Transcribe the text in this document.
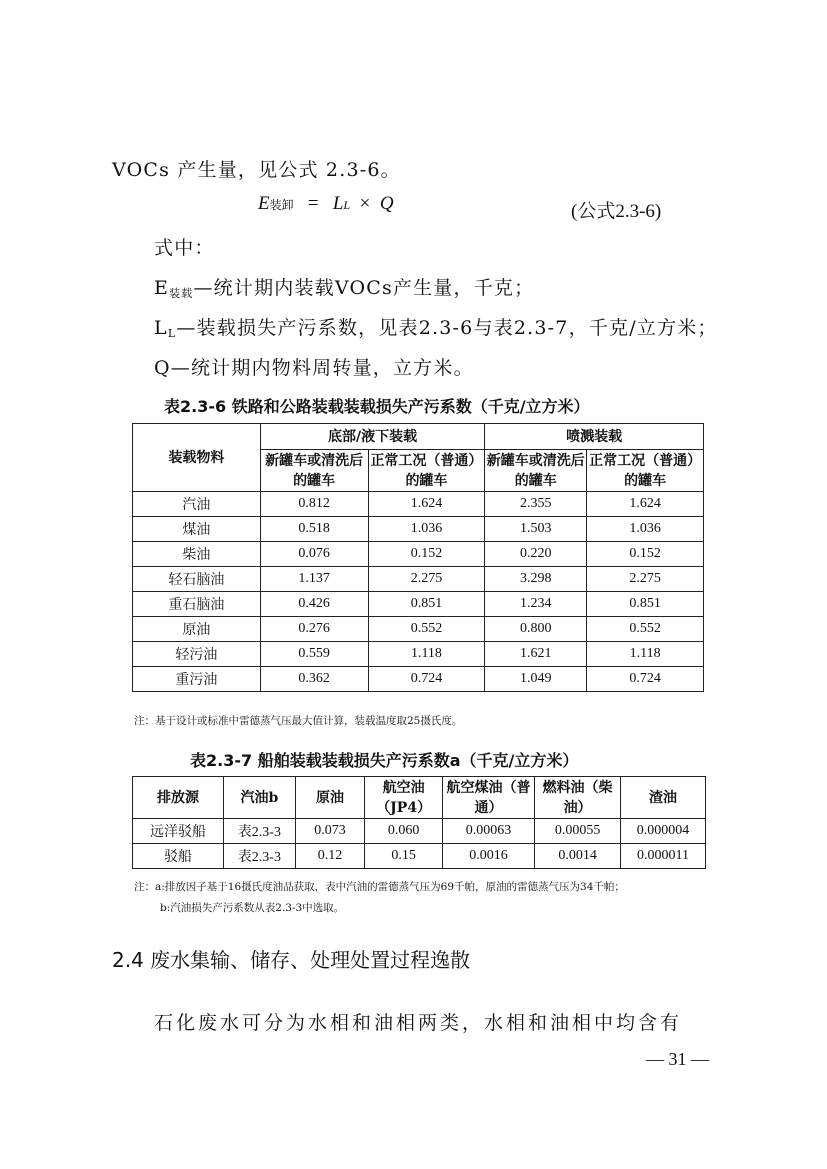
VOCs 产生量，见公式 2.3-6。
E装卸 = LL × Q	(公式2.3-6)
式中：
E装载—统计期内装载VOCs产生量，千克；
LL—装载损失产污系数，见表2.3-6与表2.3-7，千克/立方米；
Q—统计期内物料周转量，立方米。
表2.3-6 铁路和公路装载装载损失产污系数（千克/立方米）
装载物料	底部/液下装载		喷溅装载	
	新罐车或清洗后的罐车	正常工况（普通）的罐车	新罐车或清洗后的罐车	正常工况（普通）的罐车
汽油	0.812	1.624	2.355	1.624
煤油	0.518	1.036	1.503	1.036
柴油	0.076	0.152	0.220	0.152
轻石脑油	1.137	2.275	3.298	2.275
重石脑油	0.426	0.851	1.234	0.851
原油	0.276	0.552	0.800	0.552
轻污油	0.559	1.118	1.621	1.118
重污油	0.362	0.724	1.049	0.724
注：基于设计或标准中雷德蒸气压最大值计算，装载温度取25摄氏度。
表2.3-7 船舶装载装载损失产污系数a（千克/立方米）
排放源	汽油b	原油	航空油（JP4）	航空煤油（普通）	燃料油（柴油）	渣油
远洋驳船	表2.3-3	0.073	0.060	0.00063	0.00055	0.000004
驳船	表2.3-3	0.12	0.15	0.0016	0.0014	0.000011
注：a:排放因子基于16摄氏度油品获取，表中汽油的雷德蒸气压为69千帕，原油的雷德蒸气压为34千帕；
b:汽油损失产污系数从表2.3-3中选取。
2.4 废水集输、储存、处理处置过程逸散
石化废水可分为水相和油相两类，水相和油相中均含有
— 31 —
